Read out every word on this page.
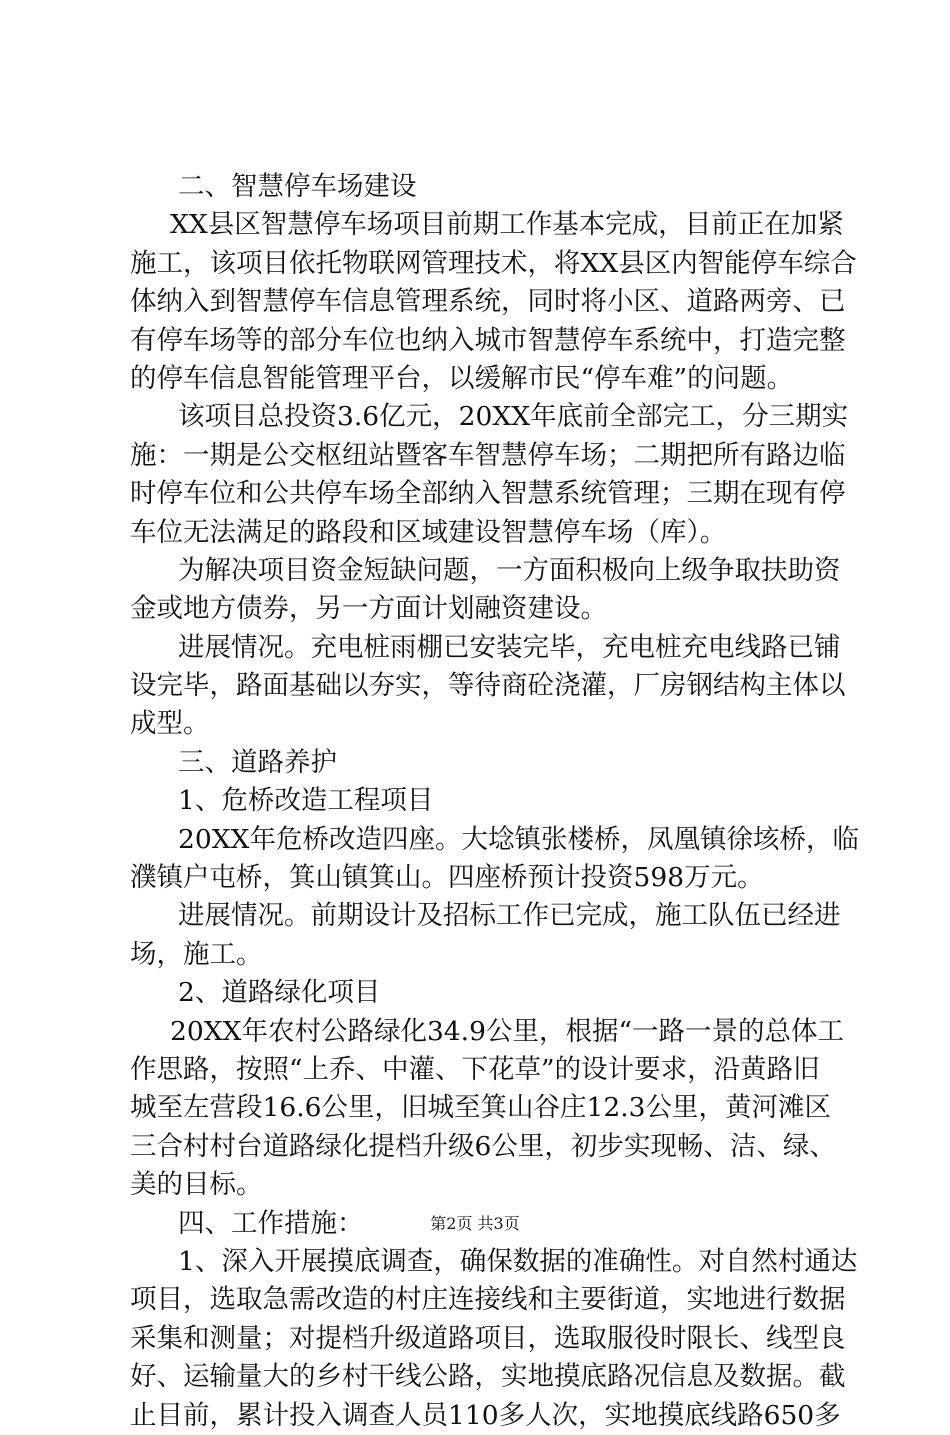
二、智慧停车场建设
XX县区智慧停车场项目前期工作基本完成，目前正在加紧
施工，该项目依托物联网管理技术，将XX县区内智能停车综合
体纳入到智慧停车信息管理系统，同时将小区、道路两旁、已
有停车场等的部分车位也纳入城市智慧停车系统中，打造完整
的停车信息智能管理平台，以缓解市民“停车难”的问题。
该项目总投资3.6亿元，20XX年底前全部完工，分三期实
施：一期是公交枢纽站暨客车智慧停车场；二期把所有路边临
时停车位和公共停车场全部纳入智慧系统管理；三期在现有停
车位无法满足的路段和区域建设智慧停车场（库）。
为解决项目资金短缺问题，一方面积极向上级争取扶助资
金或地方债券，另一方面计划融资建设。
进展情况。充电桩雨棚已安装完毕，充电桩充电线路已铺
设完毕，路面基础以夯实，等待商砼浇灌，厂房钢结构主体以
成型。
三、道路养护
1、危桥改造工程项目
20XX年危桥改造四座。大埝镇张楼桥，凤凰镇徐垓桥，临
濮镇户屯桥，箕山镇箕山。四座桥预计投资598万元。
进展情况。前期设计及招标工作已完成，施工队伍已经进
场，施工。
2、道路绿化项目
20XX年农村公路绿化34.9公里，根据“一路一景的总体工
作思路，按照“上乔、中灌、下花草”的设计要求，沿黄路旧
城至左营段16.6公里，旧城至箕山谷庄12.3公里，黄河滩区
三合村村台道路绿化提档升级6公里，初步实现畅、洁、绿、
美的目标。
四、工作措施：
1、深入开展摸底调查，确保数据的准确性。对自然村通达
项目，选取急需改造的村庄连接线和主要街道，实地进行数据
采集和测量；对提档升级道路项目，选取服役时限长、线型良
好、运输量大的乡村干线公路，实地摸底路况信息及数据。截
止目前，累计投入调查人员110多人次，实地摸底线路650多
第2页 共3页
